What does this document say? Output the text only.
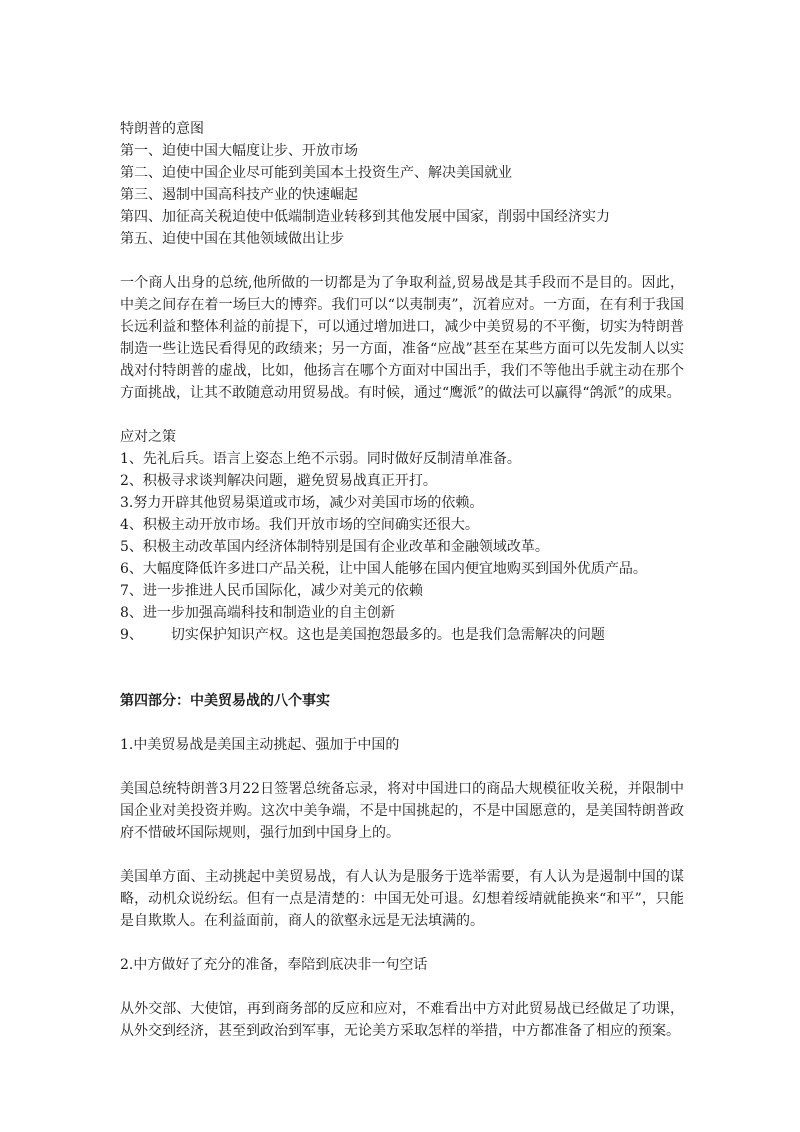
特朗普的意图
第一、迫使中国大幅度让步、开放市场
第二、迫使中国企业尽可能到美国本土投资生产、解决美国就业
第三、遏制中国高科技产业的快速崛起
第四、加征高关税迫使中低端制造业转移到其他发展中国家，削弱中国经济实力
第五、迫使中国在其他领域做出让步

一个商人出身的总统,他所做的一切都是为了争取利益,贸易战是其手段而不是目的。因此，中美之间存在着一场巨大的博弈。我们可以“以夷制夷”，沉着应对。一方面，在有利于我国长远利益和整体利益的前提下，可以通过增加进口，减少中美贸易的不平衡，切实为特朗普制造一些让选民看得见的政绩来；另一方面，准备“应战”甚至在某些方面可以先发制人以实战对付特朗普的虚战，比如，他扬言在哪个方面对中国出手，我们不等他出手就主动在那个方面挑战，让其不敢随意动用贸易战。有时候，通过“鹰派”的做法可以赢得“鸽派”的成果。

应对之策
1、先礼后兵。语言上姿态上绝不示弱。同时做好反制清单准备。
2、积极寻求谈判解决问题，避免贸易战真正开打。
3.努力开辟其他贸易渠道或市场，减少对美国市场的依赖。
4、积极主动开放市场。我们开放市场的空间确实还很大。
5、积极主动改革国内经济体制特别是国有企业改革和金融领域改革。
6、大幅度降低许多进口产品关税，让中国人能够在国内便宜地购买到国外优质产品。
7、进一步推进人民币国际化，减少对美元的依赖
8、进一步加强高端科技和制造业的自主创新
9、 切实保护知识产权。这也是美国抱怨最多的。也是我们急需解决的问题
第四部分：中美贸易战的八个事实
1.中美贸易战是美国主动挑起、强加于中国的

美国总统特朗普3月22日签署总统备忘录，将对中国进口的商品大规模征收关税，并限制中国企业对美投资并购。这次中美争端，不是中国挑起的，不是中国愿意的，是美国特朗普政府不惜破坏国际规则，强行加到中国身上的。

美国单方面、主动挑起中美贸易战，有人认为是服务于选举需要，有人认为是遏制中国的谋略，动机众说纷纭。但有一点是清楚的：中国无处可退。幻想着绥靖就能换来“和平”，只能是自欺欺人。在利益面前，商人的欲壑永远是无法填满的。

2.中方做好了充分的准备，奉陪到底决非一句空话

从外交部、大使馆，再到商务部的反应和应对，不难看出中方对此贸易战已经做足了功课，从外交到经济，甚至到政治到军事，无论美方采取怎样的举措，中方都准备了相应的预案。
